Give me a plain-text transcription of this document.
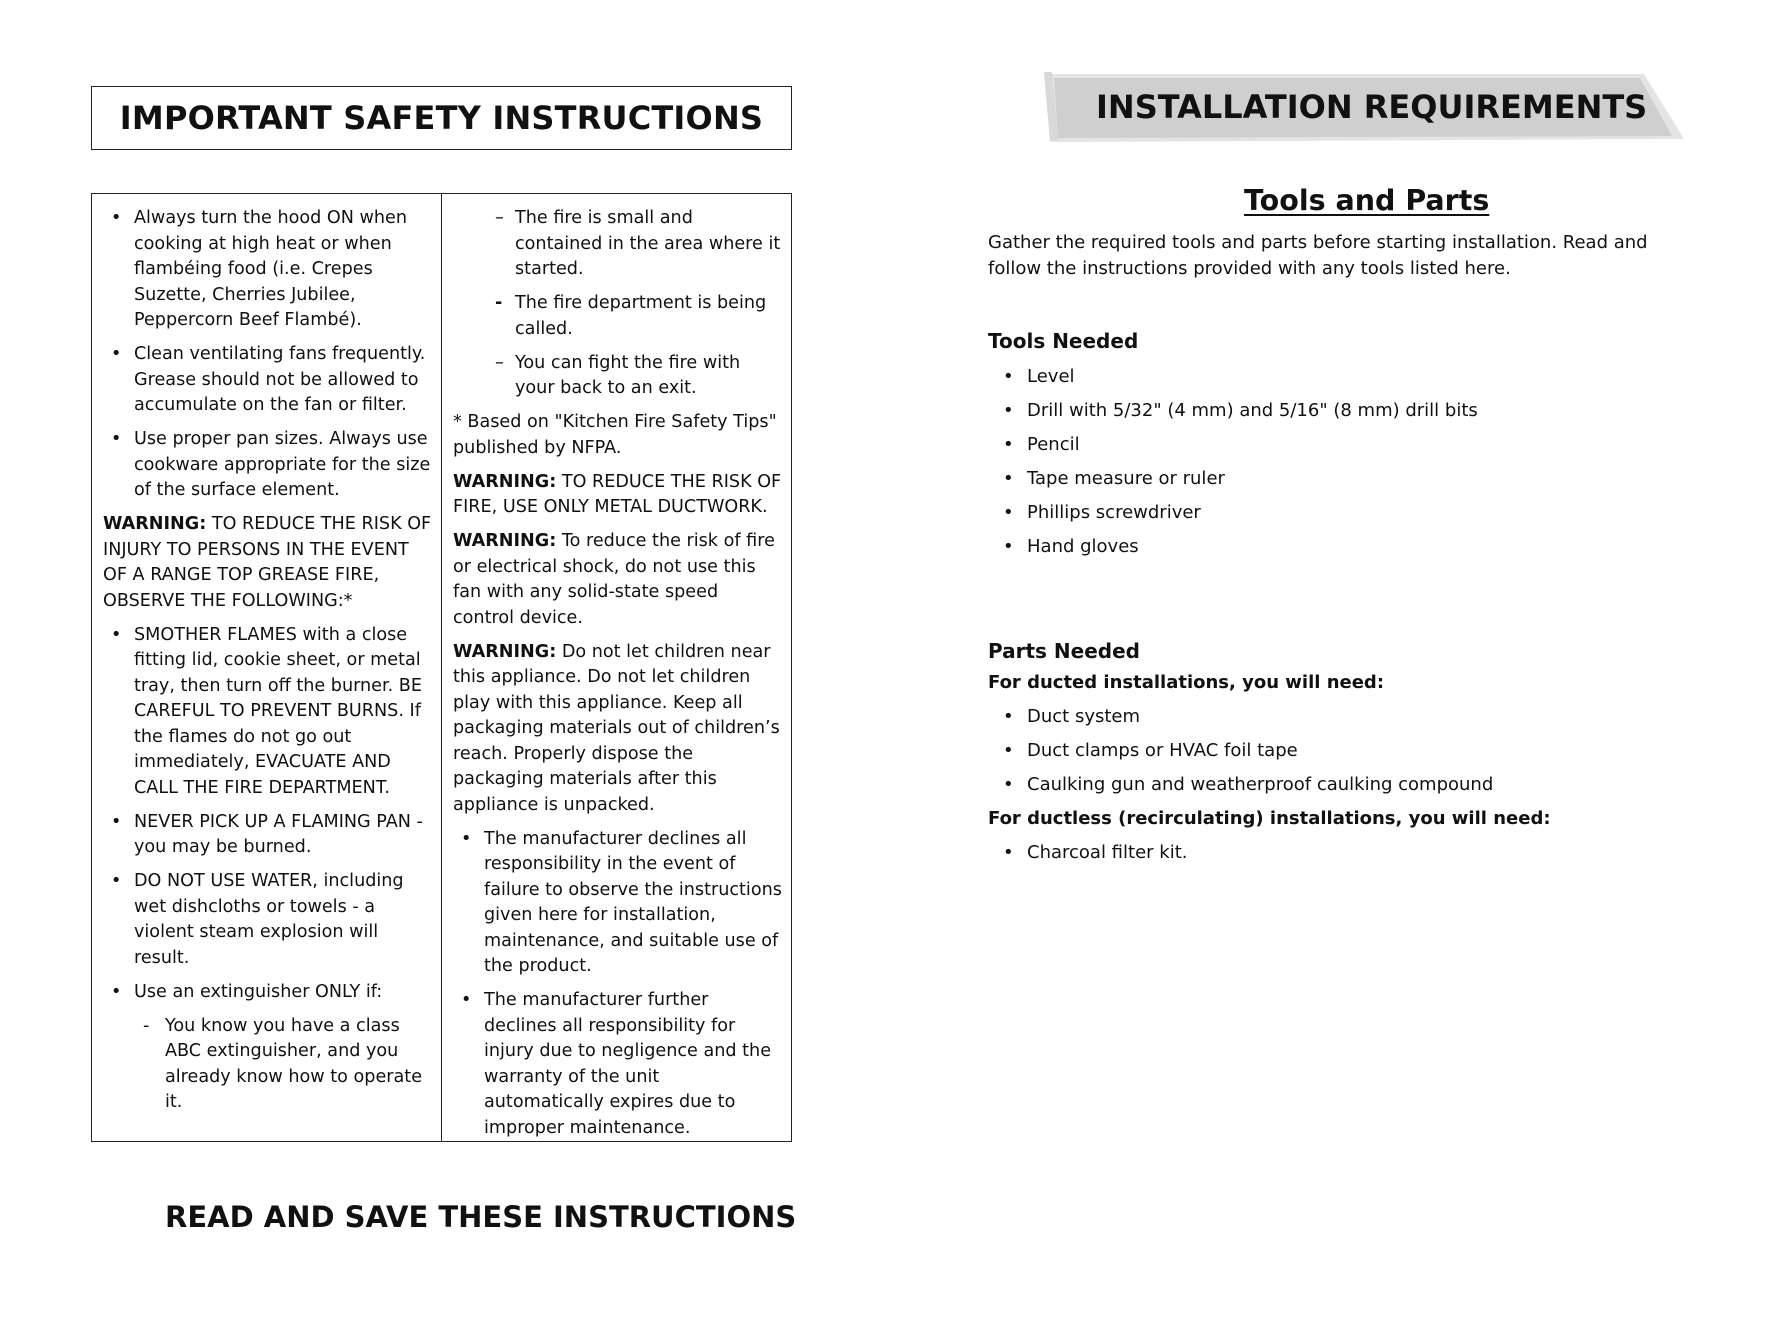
IMPORTANT SAFETY INSTRUCTIONS
• Always turn the hood ON when cooking at high heat or when flambéing food (i.e. Crepes Suzette, Cherries Jubilee, Peppercorn Beef Flambé).
• Clean ventilating fans frequently. Grease should not be allowed to accumulate on the fan or filter.
• Use proper pan sizes. Always use cookware appropriate for the size of the surface element.
WARNING: TO REDUCE THE RISK OF INJURY TO PERSONS IN THE EVENT OF A RANGE TOP GREASE FIRE, OBSERVE THE FOLLOWING:*
• SMOTHER FLAMES with a close fitting lid, cookie sheet, or metal tray, then turn off the burner. BE CAREFUL TO PREVENT BURNS. If the flames do not go out immediately, EVACUATE AND CALL THE FIRE DEPARTMENT.
• NEVER PICK UP A FLAMING PAN - you may be burned.
• DO NOT USE WATER, including wet dishcloths or towels - a violent steam explosion will result.
• Use an extinguisher ONLY if:
- You know you have a class ABC extinguisher, and you already know how to operate it.
– The fire is small and contained in the area where it started.
- The fire department is being called.
– You can fight the fire with your back to an exit.
* Based on "Kitchen Fire Safety Tips" published by NFPA.
WARNING: TO REDUCE THE RISK OF FIRE, USE ONLY METAL DUCTWORK.
WARNING: To reduce the risk of fire or electrical shock, do not use this fan with any solid-state speed control device.
WARNING: Do not let children near this appliance. Do not let children play with this appliance. Keep all packaging materials out of children’s reach. Properly dispose the packaging materials after this appliance is unpacked.
• The manufacturer declines all responsibility in the event of failure to observe the instructions given here for installation, maintenance, and suitable use of the product.
• The manufacturer further declines all responsibility for injury due to negligence and the warranty of the unit automatically expires due to improper maintenance.
READ AND SAVE THESE INSTRUCTIONS
INSTALLATION REQUIREMENTS
Tools and Parts
Gather the required tools and parts before starting installation. Read and follow the instructions provided with any tools listed here.
Tools Needed
• Level
• Drill with 5/32" (4 mm) and 5/16" (8 mm) drill bits
• Pencil
• Tape measure or ruler
• Phillips screwdriver
• Hand gloves
Parts Needed
For ducted installations, you will need:
• Duct system
• Duct clamps or HVAC foil tape
• Caulking gun and weatherproof caulking compound
For ductless (recirculating) installations, you will need:
• Charcoal filter kit.
